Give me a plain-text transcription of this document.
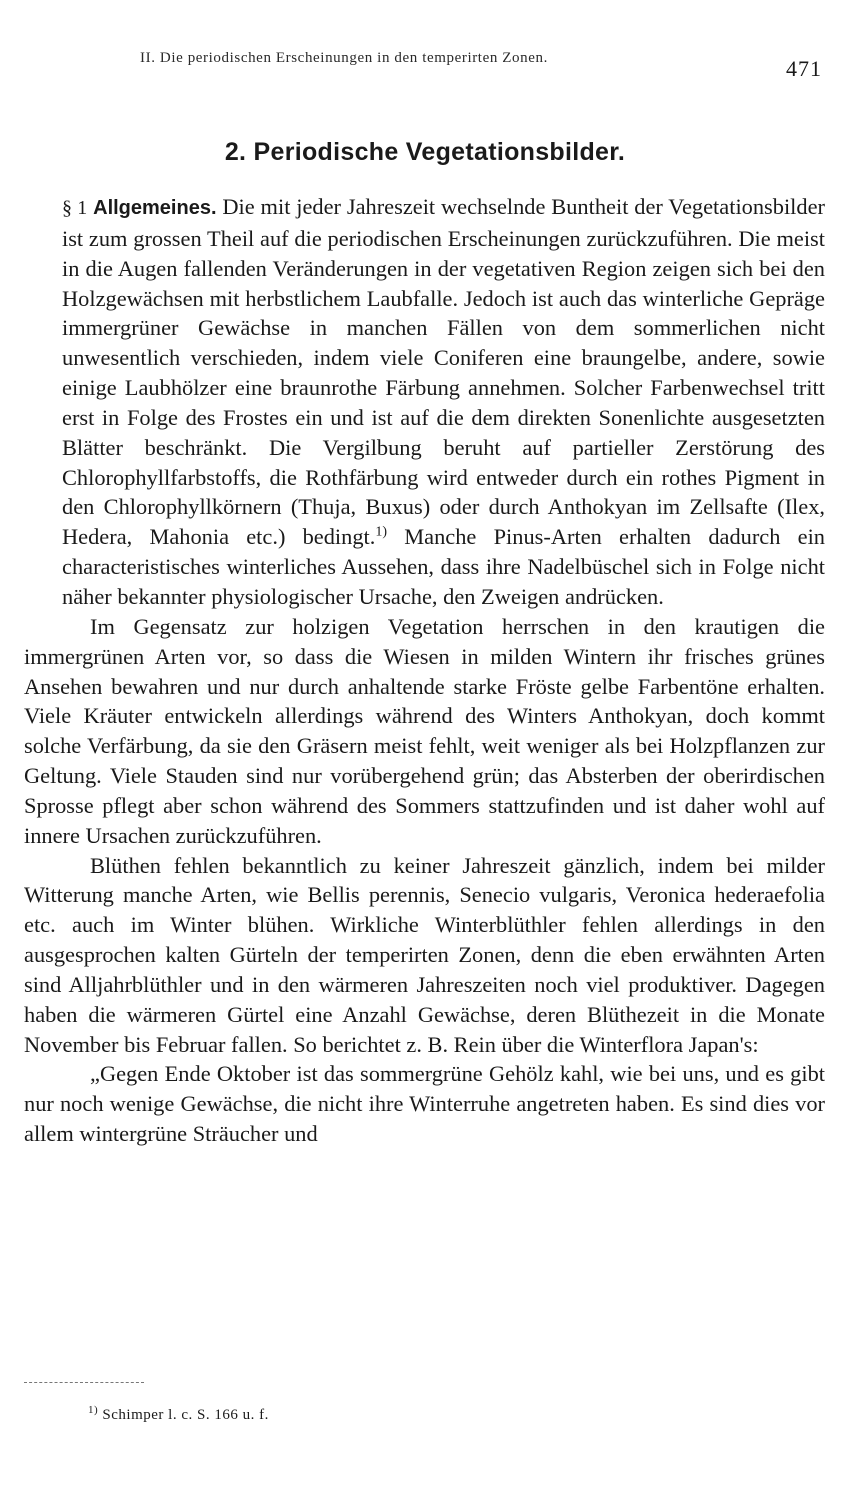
II. Die periodischen Erscheinungen in den temperirten Zonen.	471
2. Periodische Vegetationsbilder.

§ 1 Allgemeines. Die mit jeder Jahreszeit wechselnde Buntheit der Vegetationsbilder ist zum grossen Theil auf die periodischen Erscheinungen zurückzuführen. Die meist in die Augen fallenden Veränderungen in der vegetativen Region zeigen sich bei den Holzgewächsen mit herbstlichem Laubfalle. Jedoch ist auch das winterliche Gepräge immergrüner Gewächse in manchen Fällen von dem sommerlichen nicht unwesentlich verschieden, indem viele Coniferen eine braungelbe, andere, sowie einige Laubhölzer eine braunrothe Färbung annehmen. Solcher Farbenwechsel tritt erst in Folge des Frostes ein und ist auf die dem direkten Sonenlichte ausgesetzten Blätter beschränkt. Die Vergilbung beruht auf partieller Zerstörung des Chlorophyllfarbstoffs, die Rothfärbung wird entweder durch ein rothes Pigment in den Chlorophyllkörnern (Thuja, Buxus) oder durch Anthokyan im Zellsafte (Ilex, Hedera, Mahonia etc.) bedingt.$^{1)}$ Manche Pinus-Arten erhalten dadurch ein characteristisches winterliches Aussehen, dass ihre Nadelbüschel sich in Folge nicht näher bekannter physiologischer Ursache, den Zweigen andrücken.

Im Gegensatz zur holzigen Vegetation herrschen in den krautigen die immergrünen Arten vor, so dass die Wiesen in milden Wintern ihr frisches grünes Ansehen bewahren und nur durch anhaltende starke Fröste gelbe Farbentöne erhalten. Viele Kräuter entwickeln allerdings während des Winters Anthokyan, doch kommt solche Verfärbung, da sie den Gräsern meist fehlt, weit weniger als bei Holzpflanzen zur Geltung. Viele Stauden sind nur vorübergehend grün; das Absterben der oberirdischen Sprosse pflegt aber schon während des Sommers stattzufinden und ist daher wohl auf innere Ursachen zurückzuführen.

Blüthen fehlen bekanntlich zu keiner Jahreszeit gänzlich, indem bei milder Witterung manche Arten, wie Bellis perennis, Senecio vulgaris, Veronica hederaefolia etc. auch im Winter blühen. Wirkliche Winterblüthler fehlen allerdings in den ausgesprochen kalten Gürteln der temperirten Zonen, denn die eben erwähnten Arten sind Alljahrblüthler und in den wärmeren Jahreszeiten noch viel produktiver. Dagegen haben die wärmeren Gürtel eine Anzahl Gewächse, deren Blüthezeit in die Monate November bis Februar fallen. So berichtet z. B. Rein über die Winterflora Japan's:

„Gegen Ende Oktober ist das sommergrüne Gehölz kahl, wie bei uns, und es gibt nur noch wenige Gewächse, die nicht ihre Winterruhe angetreten haben. Es sind dies vor allem wintergrüne Sträucher und

$^{1)}$ Schimper l. c. S. 166 u. f.
